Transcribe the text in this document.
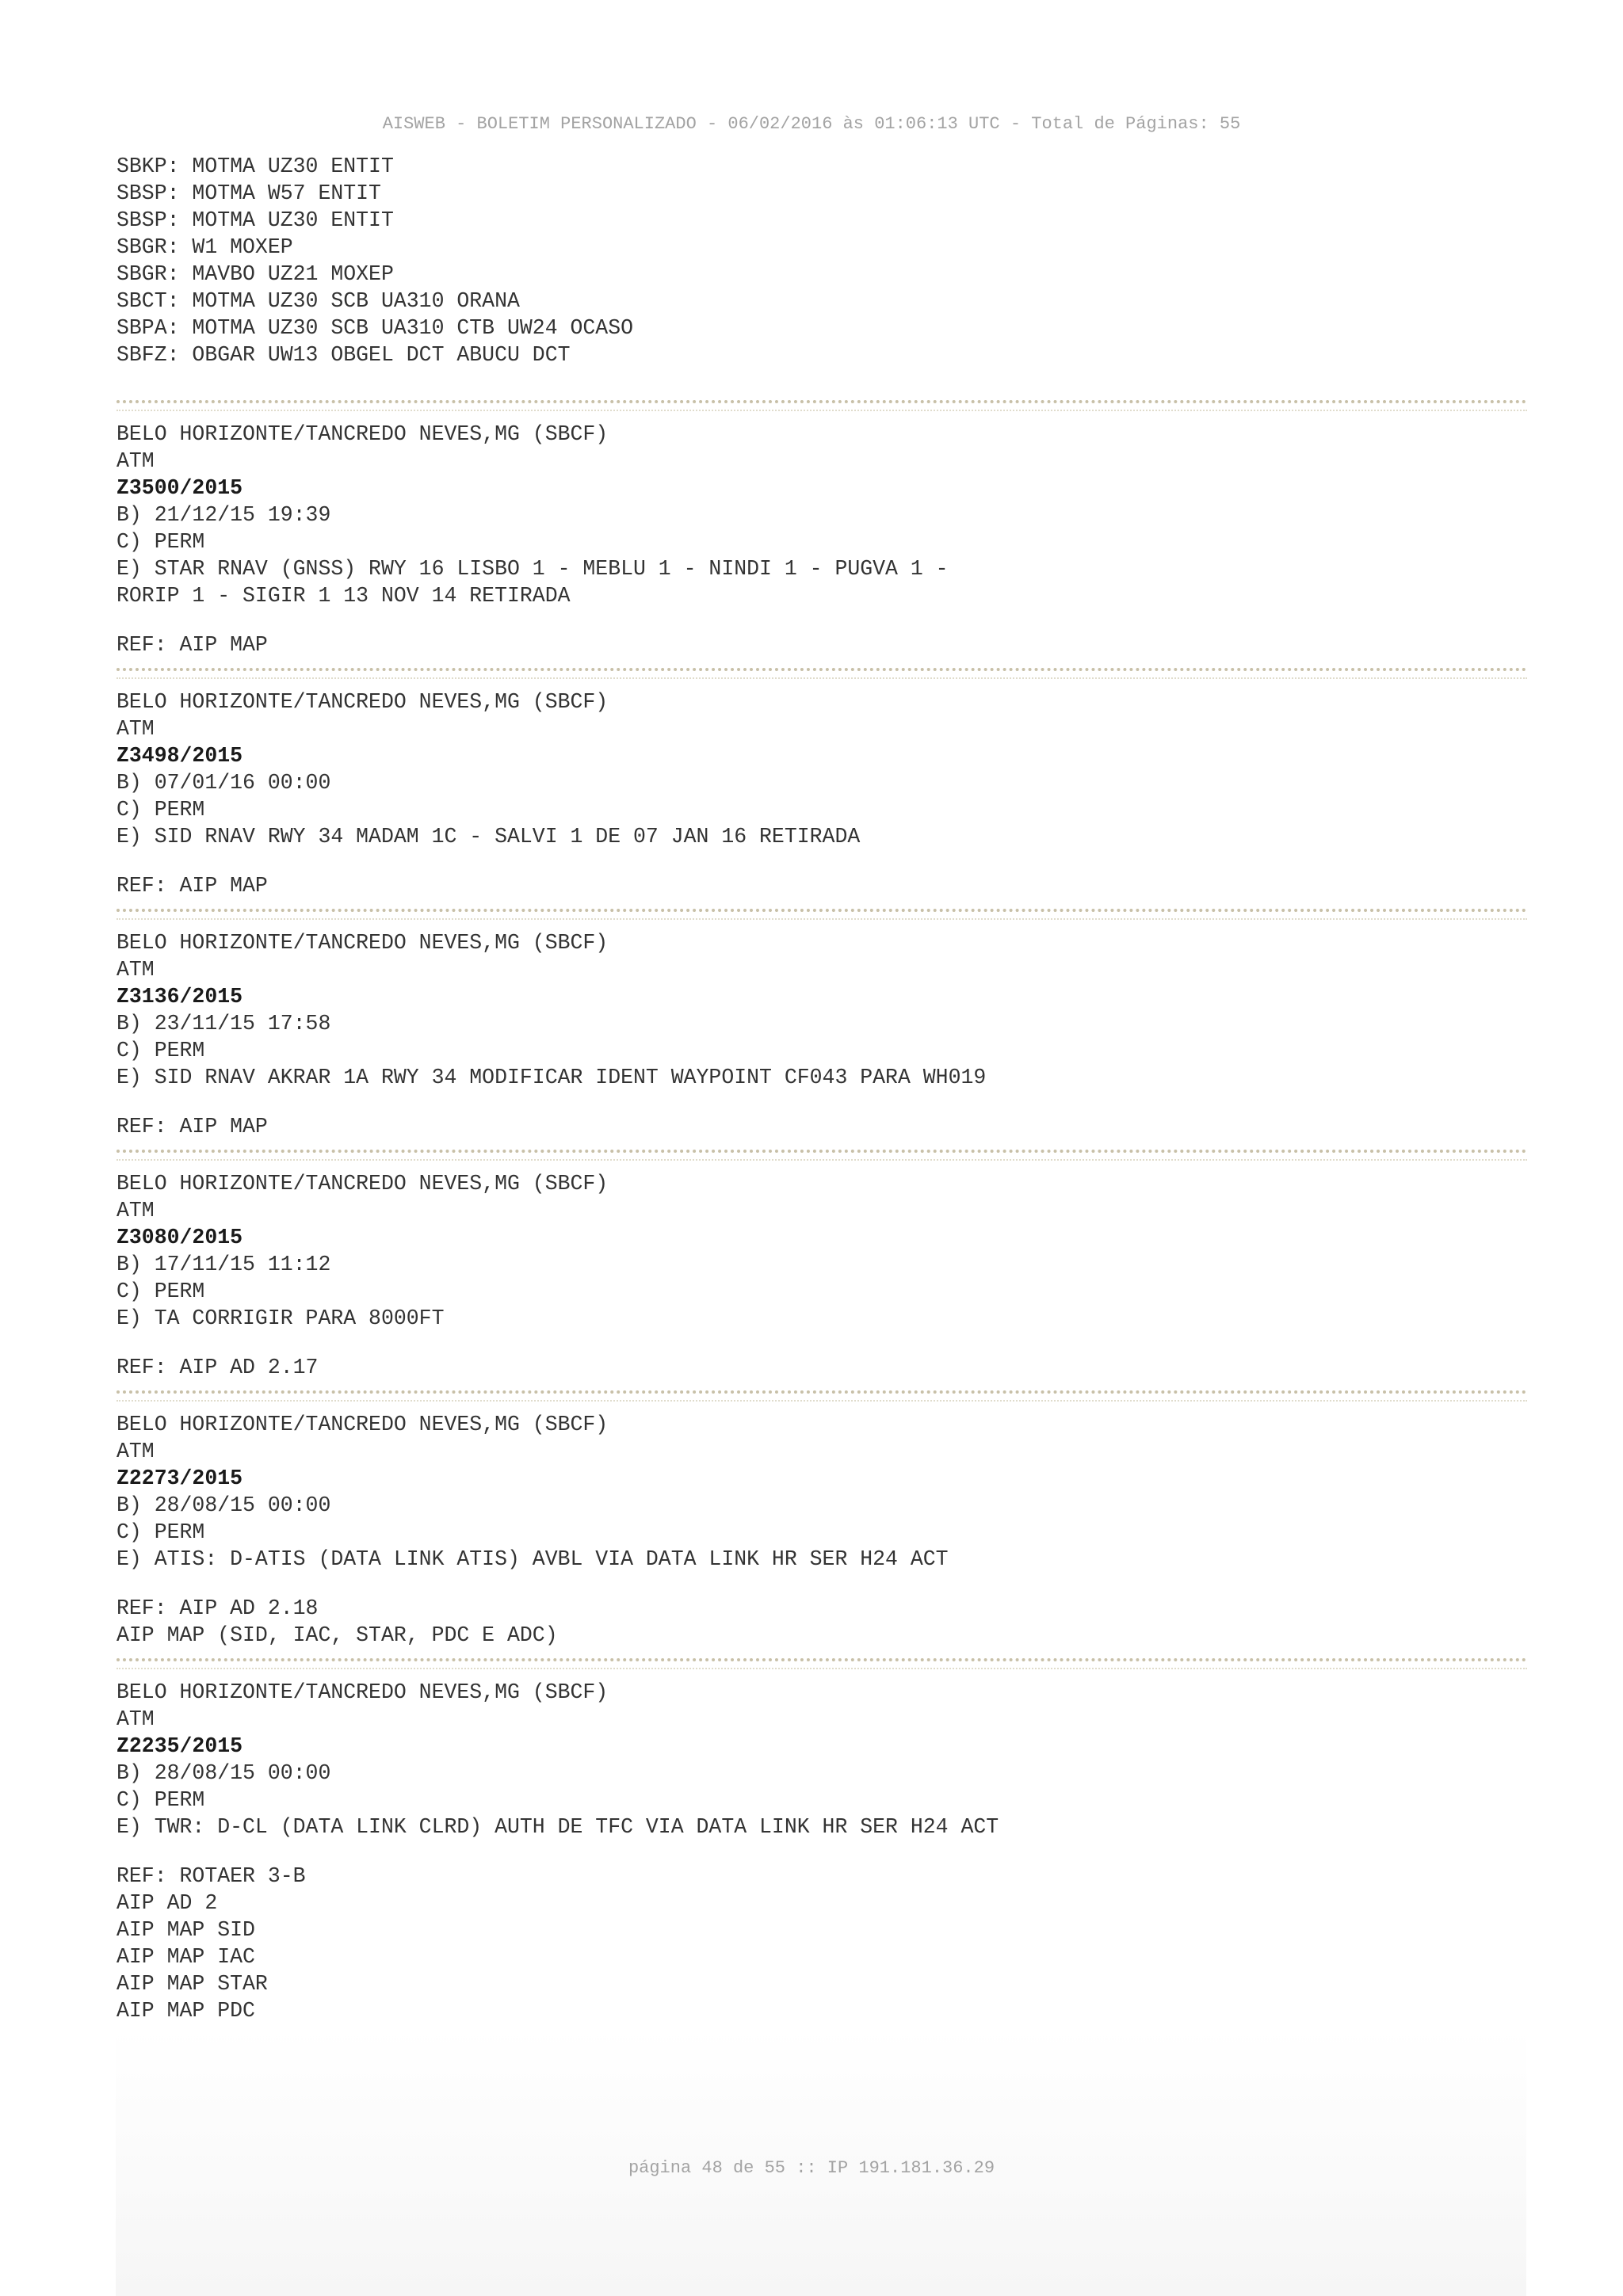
AISWEB - BOLETIM PERSONALIZADO - 06/02/2016 às 01:06:13 UTC - Total de Páginas: 55
SBKP: MOTMA UZ30 ENTIT
SBSP: MOTMA W57 ENTIT
SBSP: MOTMA UZ30 ENTIT
SBGR: W1 MOXEP
SBGR: MAVBO UZ21 MOXEP
SBCT: MOTMA UZ30 SCB UA310 ORANA
SBPA: MOTMA UZ30 SCB UA310 CTB UW24 OCASO
SBFZ: OBGAR UW13 OBGEL DCT ABUCU DCT
BELO HORIZONTE/TANCREDO NEVES,MG (SBCF)
ATM
Z3500/2015
B) 21/12/15 19:39
C) PERM
E) STAR RNAV (GNSS) RWY 16 LISBO 1 - MEBLU 1 - NINDI 1 - PUGVA 1 -
RORIP 1 - SIGIR 1 13 NOV 14 RETIRADA
REF: AIP MAP
BELO HORIZONTE/TANCREDO NEVES,MG (SBCF)
ATM
Z3498/2015
B) 07/01/16 00:00
C) PERM
E) SID RNAV RWY 34 MADAM 1C - SALVI 1 DE 07 JAN 16 RETIRADA
REF: AIP MAP
BELO HORIZONTE/TANCREDO NEVES,MG (SBCF)
ATM
Z3136/2015
B) 23/11/15 17:58
C) PERM
E) SID RNAV AKRAR 1A RWY 34 MODIFICAR IDENT WAYPOINT CF043 PARA WH019
REF: AIP MAP
BELO HORIZONTE/TANCREDO NEVES,MG (SBCF)
ATM
Z3080/2015
B) 17/11/15 11:12
C) PERM
E) TA CORRIGIR PARA 8000FT
REF: AIP AD 2.17
BELO HORIZONTE/TANCREDO NEVES,MG (SBCF)
ATM
Z2273/2015
B) 28/08/15 00:00
C) PERM
E) ATIS: D-ATIS (DATA LINK ATIS) AVBL VIA DATA LINK HR SER H24 ACT
REF: AIP AD 2.18
AIP MAP (SID, IAC, STAR, PDC E ADC)
BELO HORIZONTE/TANCREDO NEVES,MG (SBCF)
ATM
Z2235/2015
B) 28/08/15 00:00
C) PERM
E) TWR: D-CL (DATA LINK CLRD) AUTH DE TFC VIA DATA LINK HR SER H24 ACT
REF: ROTAER 3-B
AIP AD 2
AIP MAP SID
AIP MAP IAC
AIP MAP STAR
AIP MAP PDC
página 48 de 55 :: IP 191.181.36.29
